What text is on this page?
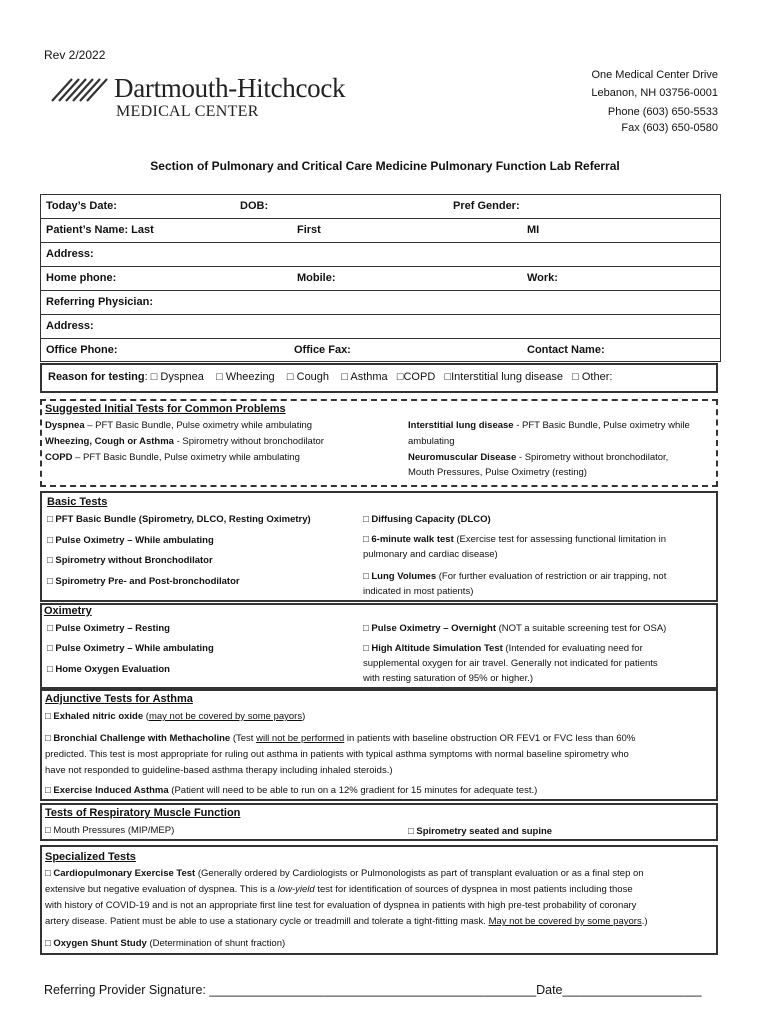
Rev 2/2022
Dartmouth-Hitchcock
MEDICAL CENTER
One Medical Center Drive
Lebanon, NH 03756-0001
Phone (603) 650-5533
Fax (603) 650-0580
Section of Pulmonary and Critical Care Medicine Pulmonary Function Lab Referral
Today’s Date:	DOB:	Pref Gender:
Patient’s Name: Last	First	MI
Address:
Home phone:	Mobile:	Work:
Referring Physician:
Address:
Office Phone:	Office Fax:	Contact Name:
Reason for testing: □ Dyspnea □ Wheezing □ Cough □ Asthma □COPD □Interstitial lung disease □ Other:
Suggested Initial Tests for Common Problems
Dyspnea – PFT Basic Bundle, Pulse oximetry while ambulating
Wheezing, Cough or Asthma - Spirometry without bronchodilator
COPD – PFT Basic Bundle, Pulse oximetry while ambulating
Interstitial lung disease - PFT Basic Bundle, Pulse oximetry while
ambulating
Neuromuscular Disease - Spirometry without bronchodilator,
Mouth Pressures, Pulse Oximetry (resting)
Basic Tests
□ PFT Basic Bundle (Spirometry, DLCO, Resting Oximetry)
□ Pulse Oximetry – While ambulating
□ Spirometry without Bronchodilator
□ Spirometry Pre- and Post-bronchodilator
□ Diffusing Capacity (DLCO)
□ 6-minute walk test (Exercise test for assessing functional limitation in
pulmonary and cardiac disease)
□ Lung Volumes (For further evaluation of restriction or air trapping, not
indicated in most patients)
Oximetry
□ Pulse Oximetry – Resting
□ Pulse Oximetry – While ambulating
□ Home Oxygen Evaluation
□ Pulse Oximetry – Overnight (NOT a suitable screening test for OSA)
□ High Altitude Simulation Test (Intended for evaluating need for
supplemental oxygen for air travel. Generally not indicated for patients
with resting saturation of 95% or higher.)
Adjunctive Tests for Asthma
□ Exhaled nitric oxide (may not be covered by some payors)
□ Bronchial Challenge with Methacholine (Test will not be performed in patients with baseline obstruction OR FEV1 or FVC less than 60%
predicted. This test is most appropriate for ruling out asthma in patients with typical asthma symptoms with normal baseline spirometry who
have not responded to guideline-based asthma therapy including inhaled steroids.)
□ Exercise Induced Asthma (Patient will need to be able to run on a 12% gradient for 15 minutes for adequate test.)
Tests of Respiratory Muscle Function
□ Mouth Pressures (MIP/MEP)	□ Spirometry seated and supine
Specialized Tests
□ Cardiopulmonary Exercise Test (Generally ordered by Cardiologists or Pulmonologists as part of transplant evaluation or as a final step on
extensive but negative evaluation of dyspnea. This is a low-yield test for identification of sources of dyspnea in most patients including those
with history of COVID-19 and is not an appropriate first line test for evaluation of dyspnea in patients with high pre-test probability of coronary
artery disease. Patient must be able to use a stationary cycle or treadmill and tolerate a tight-fitting mask. May not be covered by some payors.)
□ Oxygen Shunt Study (Determination of shunt fraction)
Referring Provider Signature: _______________________________________________Date____________________
